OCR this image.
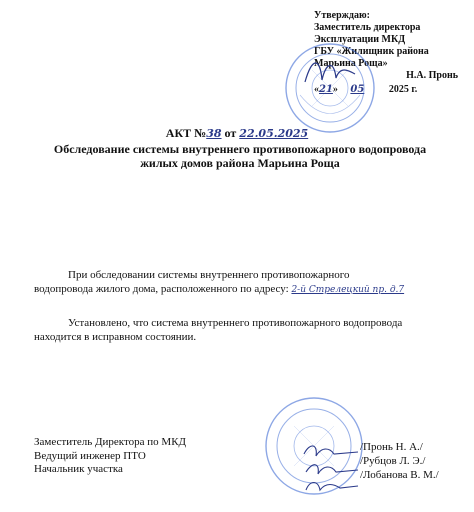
Утверждаю:
Заместитель директора
Эксплуатации МКД
ГБУ «Жилищник района
Марьина Роща»
Н.А. Пронь
«21» 05 2025 г.
АКТ №38 от 22.05.2025
Обследование системы внутреннего противопожарного водопровода
жилых домов района Марьина Роща
При обследовании системы внутреннего противопожарного
водопровода жилого дома, расположенного по адресу: 2-й Стрелецкий пр. д.7
Установлено, что система внутреннего противопожарного водопровода
находится в исправном состоянии.
Заместитель Директора по МКД
Ведущий инженер ПТО
Начальник участка
/Пронь Н. А./
/Рубцов Л. Э./
/Лобанова В. М./
